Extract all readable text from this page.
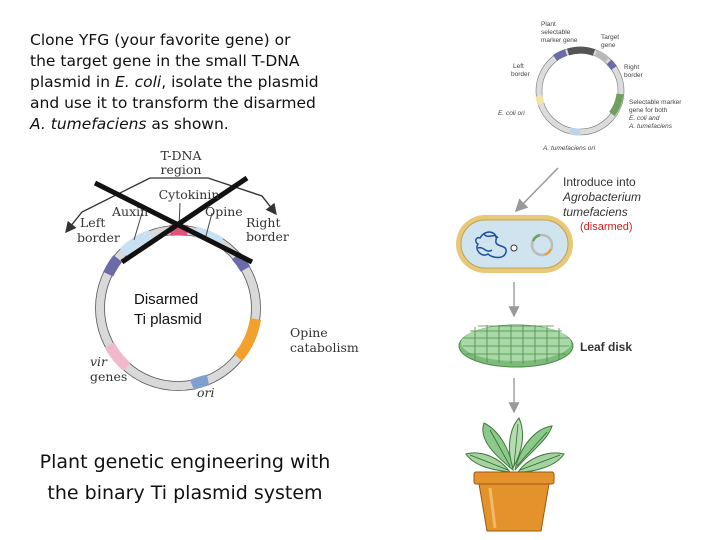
Clone YFG (your favorite gene) or
the target gene in the small T-DNA
plasmid in E. coli, isolate the plasmid
and use it to transform the disarmed
A. tumefaciens as shown.
T-DNA
region
Cytokinin
Auxin	Opine
Left
border
Right
border
Disarmed
Ti plasmid
Opine
catabolism
vir
genes
ori
Plant
selectable
marker gene	Target
gene
Left
border
Right
border
Selectable marker
gene for both
E. coli and
A. tumefaciens
E. coli ori
A. tumefaciens ori
Introduce into
Agrobacterium
tumefaciens
(disarmed)
Leaf disk
Plant genetic engineering with
the binary Ti plasmid system
